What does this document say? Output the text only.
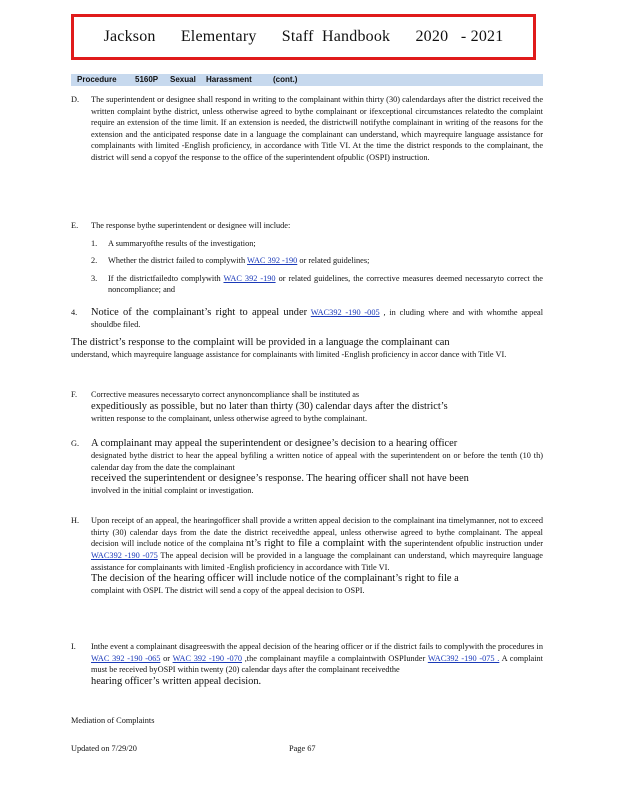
Jackson
Elementary
Staff
Handbook
2020
- 2021
Procedure 5160P Sexual Harassment	(cont.)
D. The superintendent or designee shall respond in writing to the complainant within thirty (30) calendardays after the district received the written complaint bythe district, unless otherwise agreed to bythe complainant or ifexceptional circumstances relatedto the complaint require an extension of the time limit. If an extension is needed, the districtwill notifythe complainant in writing of the reasons for the extension and the anticipated response date in a language the complainant can understand, which mayrequire language assistance for complainants with limited -English proficiency, in accordance with Title VI. At the time the district responds to the complainant, the district will send a copyof the response to the office of the superintendent ofpublic (OSPI) instruction.
E. The response bythe superintendent or designee will include:
1. A summaryofthe results of the investigation;
2. Whether the district failed to complywith WAC 392 -190 or related guidelines;
3. If the districtfailedto complywith WAC 392 -190 or related guidelines, the corrective measures deemed necessaryto correct the noncompliance; and
4. Notice of the complainant’s right to appeal under WAC392 -190 -005 , in cluding where and with whomthe appeal shouldbe filed.
The district’s response to the complaint will be provided in a language the complainant can
understand, which mayrequire language assistance for complainants with limited -English proficiency in accor dance with Title VI.
F. Corrective measures necessaryto correct anynoncompliance shall be instituted as
expeditiously as possible, but no later than thirty (30) calendar days after the district’s
written response to the complainant, unless otherwise agreed to bythe complainant.
G. A complainant may appeal the superintendent or designee’s decision to a hearing officer
designated bythe district to hear the appeal byfiling a written notice of appeal with the superintendent on or before the tenth (10 th) calendar day from the date the complainant
received the superintendent or designee’s response. The hearing officer shall not have been
involved in the initial complaint or investigation.
H. Upon receipt of an appeal, the hearingofficer shall provide a written appeal decision to the complainant ina timelymanner, not to exceed thirty (30) calendar days from the date the district receivedthe appeal, unless otherwise agreed to bythe complainant. The appeal decision will include notice of the complaina nt’s right to file a complaint with the superintendent ofpublic instruction under WAC392 -190 -075 The appeal decision will be provided in a language the complainant can understand, which mayrequire language assistance for complainants with limited -English proficiency in accordance with Title VI.
The decision of the hearing officer will include notice of the complainant’s right to file a
complaint with OSPI. The district will send a copy of the appeal decision to OSPI.
I. Inthe event a complainant disagreeswith the appeal decision of the hearing officer or if the district fails to complywith the procedures in WAC 392 -190 -065 or WAC 392 -190 -070 ,the complainant mayfile a complaintwith OSPIunder WAC392 -190 -075 . A complaint must be received byOSPI within twenty (20) calendar days after the complainant receivedthe
hearing officer’s written appeal decision.
Mediation of Complaints
Updated on 7/29/20	Page 67
